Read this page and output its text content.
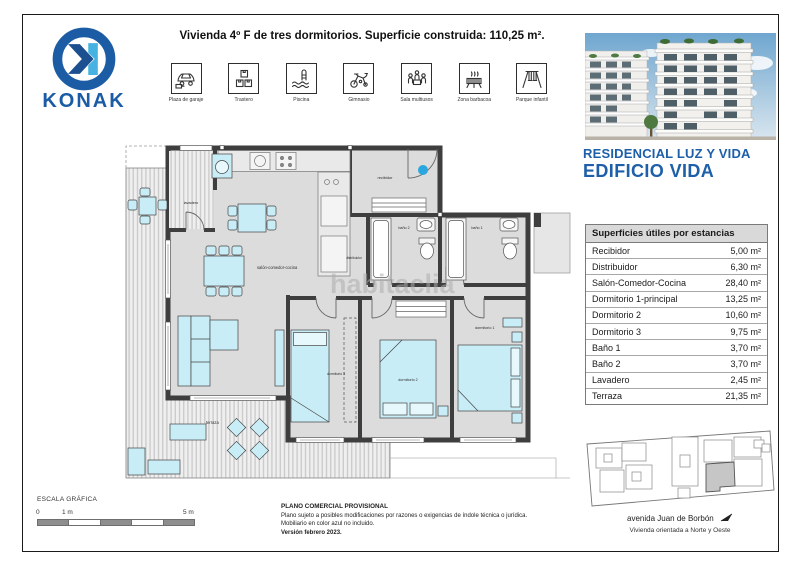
KONAK
Vivienda 4º F de tres dormitorios. Superficie construida: 110,25 m².
Plaza de garaje	Trastero	Piscina	Gimnasio	Sala multiusos	Zona barbacoa	Parque infantil
RESIDENCIAL LUZ Y VIDA
EDIFICIO VIDA
Superficies útiles por estancias
Recibidor	5,00 m²
Distribuidor	6,30 m²
Salón-Comedor-Cocina	28,40 m²
Dormitorio 1-principal	13,25 m²
Dormitorio 2	10,60 m²
Dormitorio 3	9,75 m²
Baño 1	3,70 m²
Baño 2	3,70 m²
Lavadero	2,45 m²
Terraza	21,35 m²
lavadero
recibidor
distribuidor
salón-comedor-cocina
baño 1
baño 2
dormitorio 1
dormitorio 2
dormitorio 3
terraza
habitaclia
ESCALA GRÁFICA
0	1 m	5 m
PLANO COMERCIAL PROVISIONAL
Plano sujeto a posibles modificaciones por razones o exigencias de índole técnica o jurídica.
Mobiliario en color azul no incluido.
Versión febrero 2023.
avenida Juan de Borbón
Vivienda orientada a Norte y Oeste
